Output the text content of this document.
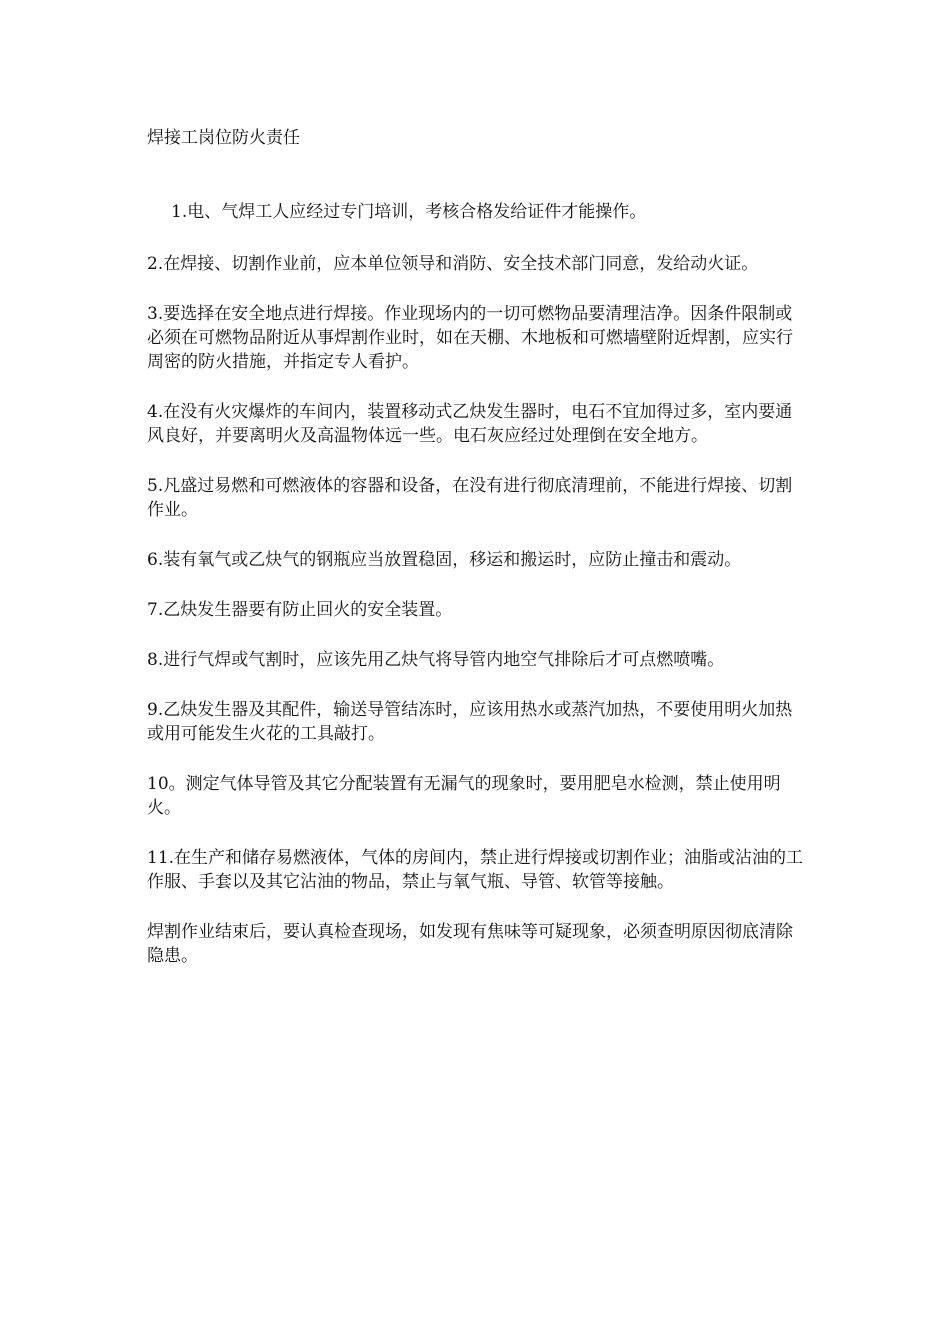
焊接工岗位防火责任

1.电、气焊工人应经过专门培训，考核合格发给证件才能操作。

2.在焊接、切割作业前，应本单位领导和消防、安全技术部门同意，发给动火证。

3.要选择在安全地点进行焊接。作业现场内的一切可燃物品要清理洁净。因条件限制或必须在可燃物品附近从事焊割作业时，如在天棚、木地板和可燃墙壁附近焊割，应实行周密的防火措施，并指定专人看护。

4.在没有火灾爆炸的车间内，装置移动式乙炔发生器时，电石不宜加得过多，室内要通风良好，并要离明火及高温物体远一些。电石灰应经过处理倒在安全地方。

5.凡盛过易燃和可燃液体的容器和设备，在没有进行彻底清理前，不能进行焊接、切割作业。

6.装有氧气或乙炔气的钢瓶应当放置稳固，移运和搬运时，应防止撞击和震动。

7.乙炔发生器要有防止回火的安全装置。

8.进行气焊或气割时，应该先用乙炔气将导管内地空气排除后才可点燃喷嘴。

9.乙炔发生器及其配件，输送导管结冻时，应该用热水或蒸汽加热，不要使用明火加热或用可能发生火花的工具敲打。

10。测定气体导管及其它分配装置有无漏气的现象时，要用肥皂水检测，禁止使用明火。

11.在生产和储存易燃液体，气体的房间内，禁止进行焊接或切割作业；油脂或沾油的工作服、手套以及其它沾油的物品，禁止与氧气瓶、导管、软管等接触。

焊割作业结束后，要认真检查现场，如发现有焦味等可疑现象，必须查明原因彻底清除隐患。
